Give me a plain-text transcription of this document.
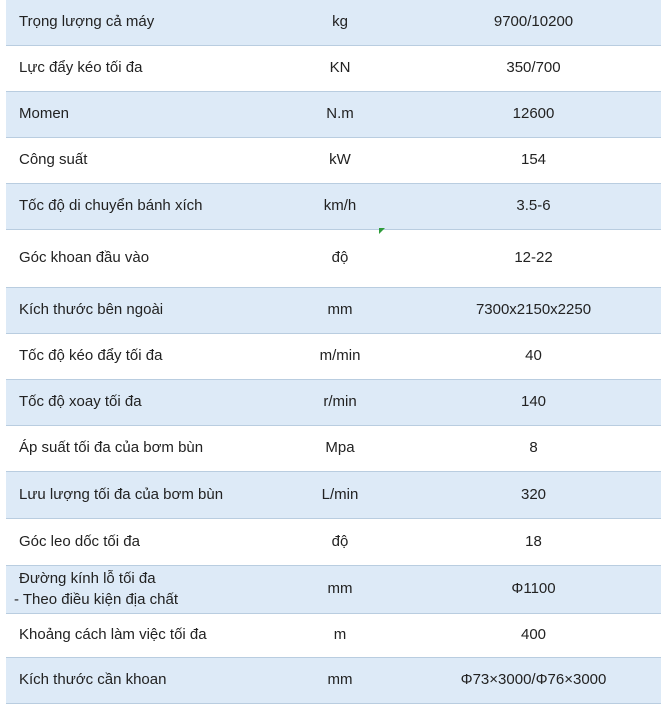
Trọng lượng cả máy	kg	9700/10200
Lực đẩy kéo tối đa	KN	350/700
Momen	N.m	12600
Công suất	kW	154
Tốc độ di chuyển bánh xích	km/h	3.5-6
Góc khoan đầu vào	độ	12-22
Kích thước bên ngoài	mm	7300x2150x2250
Tốc độ kéo đẩy tối đa	m/min	40
Tốc độ xoay tối đa	r/min	140
Áp suất tối đa của bơm bùn	Mpa	8
Lưu lượng tối đa của bơm bùn	L/min	320
Góc leo dốc tối đa	độ	18

Đường kính lỗ tối đa
- Theo điều kiện địa chất	mm	Φ1100
Khoảng cách làm việc tối đa	m	400
Kích thước cần khoan	mm	Φ73×3000/Φ76×3000
